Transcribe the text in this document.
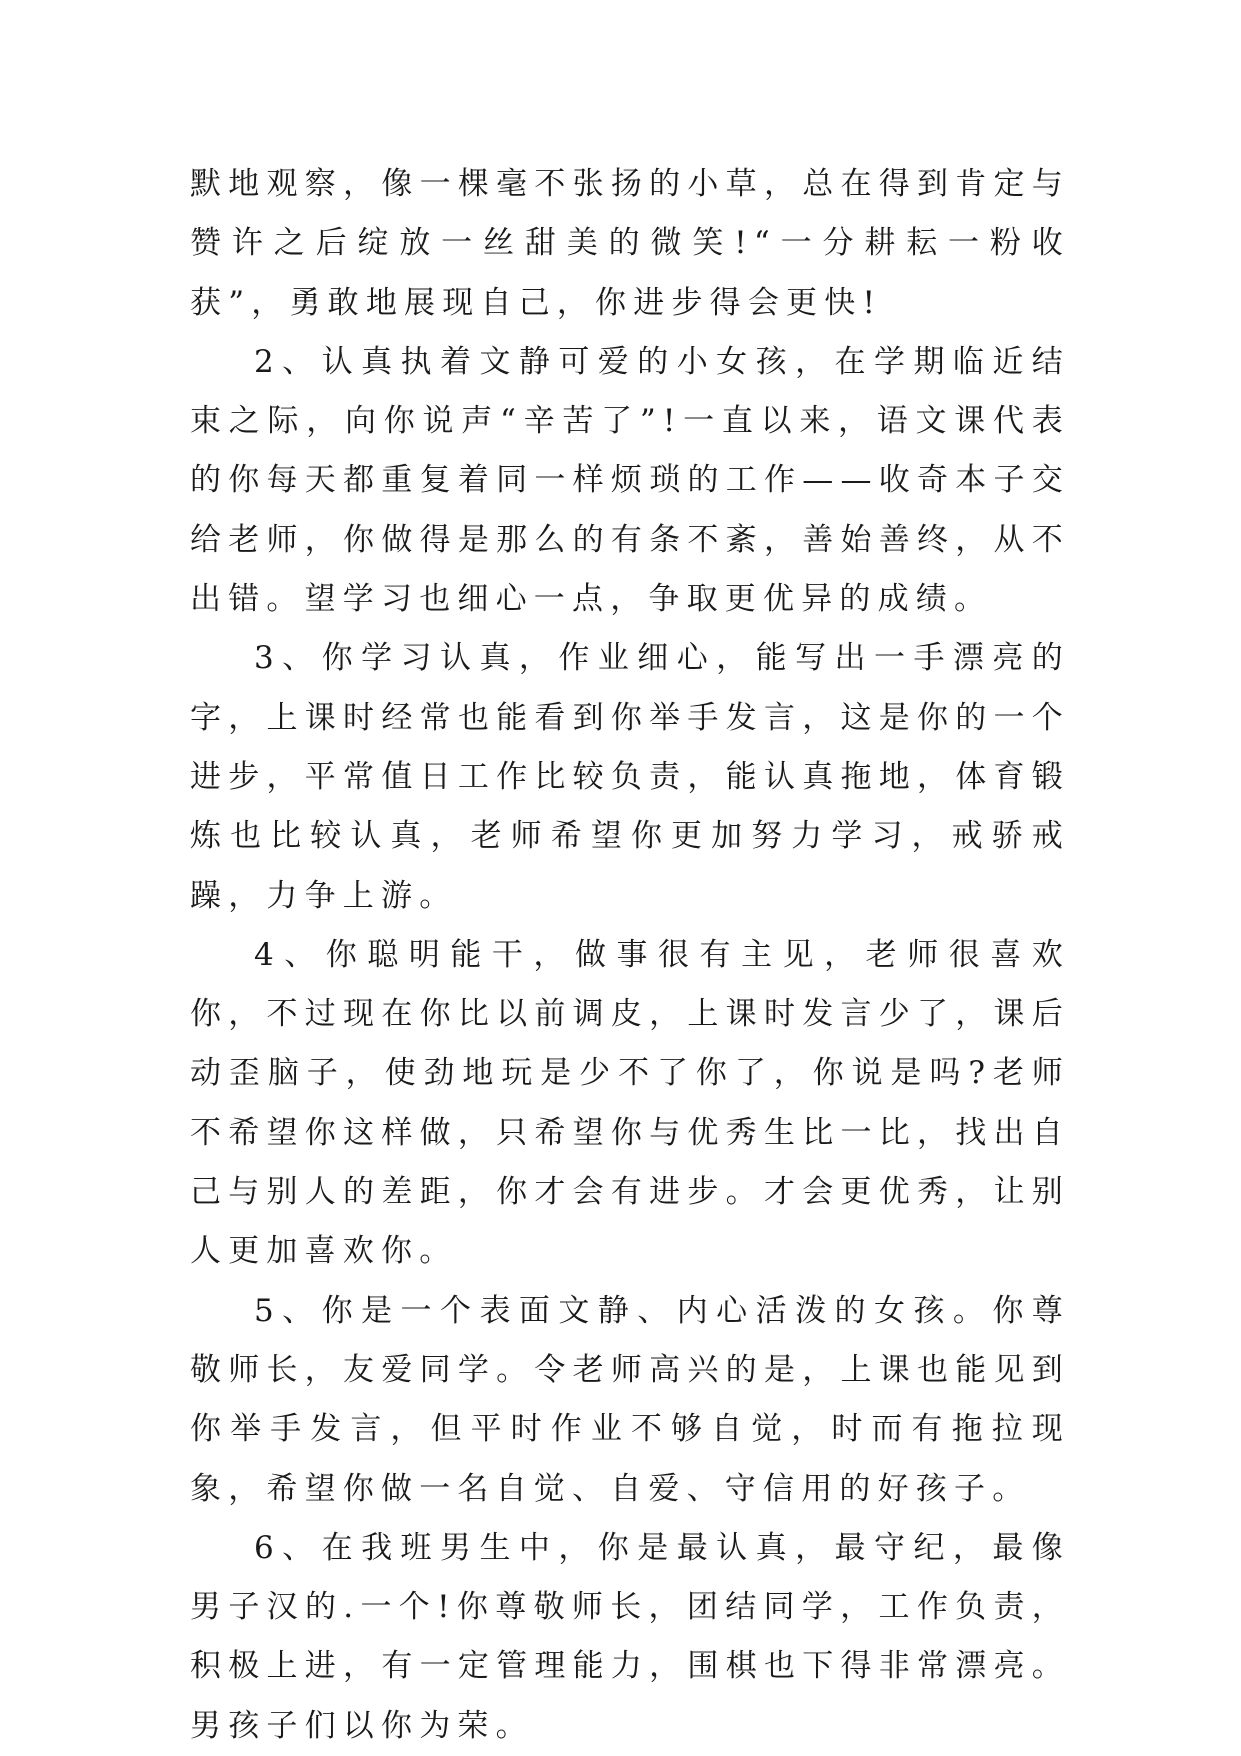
默地观察，像一棵毫不张扬的小草，总在得到肯定与赞许之后绽放一丝甜美的微笑!“一分耕耘一粉收获”，勇敢地展现自己，你进步得会更快!

2、认真执着文静可爱的小女孩，在学期临近结束之际，向你说声“辛苦了”!一直以来，语文课代表的你每天都重复着同一样烦琐的工作——收奇本子交给老师，你做得是那么的有条不紊，善始善终，从不出错。望学习也细心一点，争取更优异的成绩。

3、你学习认真，作业细心，能写出一手漂亮的字，上课时经常也能看到你举手发言，这是你的一个进步，平常值日工作比较负责，能认真拖地，体育锻炼也比较认真，老师希望你更加努力学习，戒骄戒躁，力争上游。

4、你聪明能干，做事很有主见，老师很喜欢你，不过现在你比以前调皮，上课时发言少了，课后动歪脑子，使劲地玩是少不了你了，你说是吗?老师不希望你这样做，只希望你与优秀生比一比，找出自己与别人的差距，你才会有进步。才会更优秀，让别人更加喜欢你。

5、你是一个表面文静、内心活泼的女孩。你尊敬师长，友爱同学。令老师高兴的是，上课也能见到你举手发言，但平时作业不够自觉，时而有拖拉现象，希望你做一名自觉、自爱、守信用的好孩子。

6、在我班男生中，你是最认真，最守纪，最像男子汉的.一个!你尊敬师长，团结同学，工作负责，积极上进，有一定管理能力，围棋也下得非常漂亮。男孩子们以你为荣。
